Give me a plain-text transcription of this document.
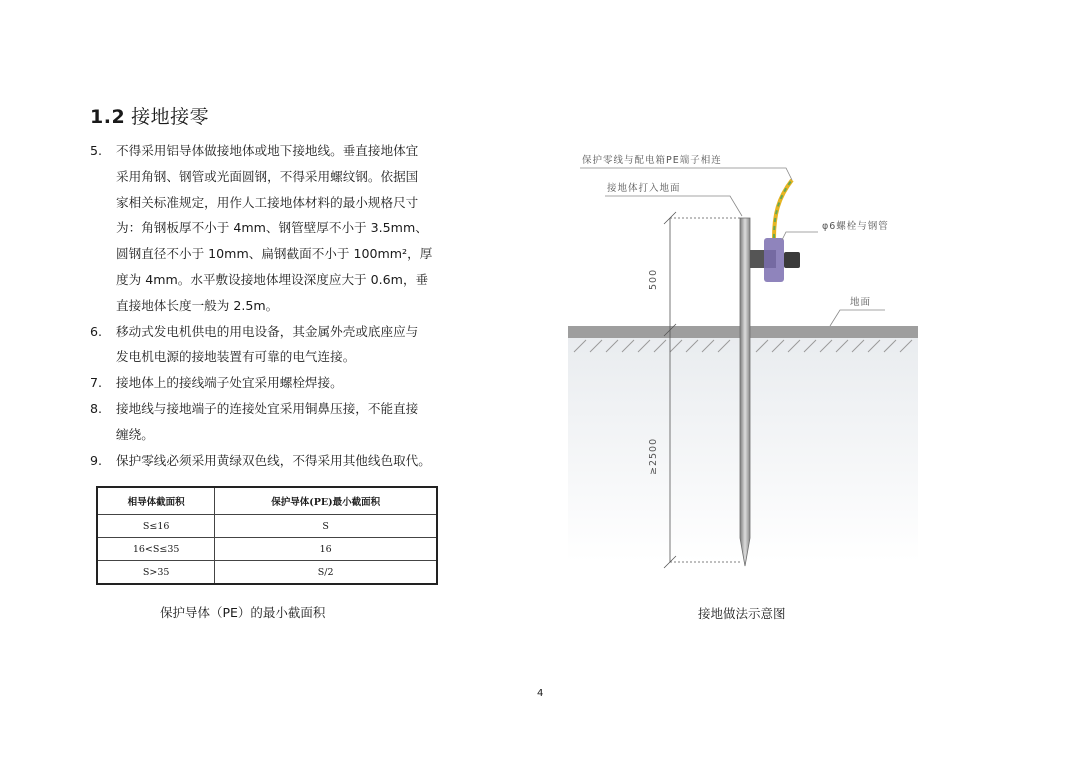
1.2 接地接零
5. 不得采用铝导体做接地体或地下接地线。垂直接地体宜
采用角钢、钢管或光面圆钢，不得采用螺纹钢。依据国
家相关标准规定，用作人工接地体材料的最小规格尺寸
为：角钢板厚不小于 4mm、钢管壁厚不小于 3.5mm、
圆钢直径不小于 10mm、扁钢截面不小于 100mm²，厚
度为 4mm。水平敷设接地体埋设深度应大于 0.6m，垂
直接地体长度一般为 2.5m。
6. 移动式发电机供电的用电设备，其金属外壳或底座应与
发电机电源的接地装置有可靠的电气连接。
7. 接地体上的接线端子处宜采用螺栓焊接。
8. 接地线与接地端子的连接处宜采用铜鼻压接，不能直接
缠绕。
9. 保护零线必须采用黄绿双色线，不得采用其他线色取代。
相导体截面积	保护导体(PE)最小截面积
S≤16	S
16<S≤35	16
S>35	S/2
保护导体（PE）的最小截面积
保护零线与配电箱PE端子相连
接地体打入地面
φ6螺栓与钢管
地面
500
≥2500
接地做法示意图
4
